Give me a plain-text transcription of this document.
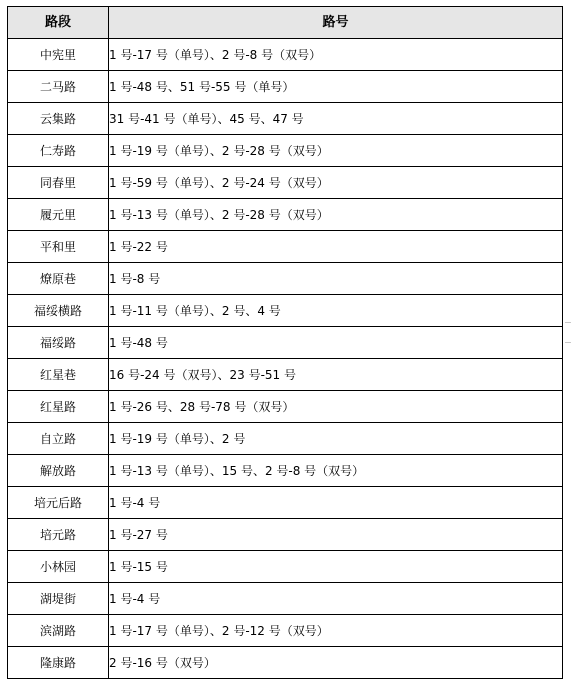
路段	路号
中宪里	1 号-17 号（单号）、2 号-8 号（双号）
二马路	1 号-48 号、51 号-55 号（单号）
云集路	31 号-41 号（单号）、45 号、47 号
仁寿路	1 号-19 号（单号）、2 号-28 号（双号）
同春里	1 号-59 号（单号）、2 号-24 号（双号）
履元里	1 号-13 号（单号）、2 号-28 号（双号）
平和里	1 号-22 号
燎原巷	1 号-8 号
福绥横路	1 号-11 号（单号）、2 号、4 号
福绥路	1 号-48 号
红星巷	16 号-24 号（双号）、23 号-51 号
红星路	1 号-26 号、28 号-78 号（双号）
自立路	1 号-19 号（单号）、2 号
解放路	1 号-13 号（单号）、15 号、2 号-8 号（双号）
培元后路	1 号-4 号
培元路	1 号-27 号
小林园	1 号-15 号
湖堤街	1 号-4 号
滨湖路	1 号-17 号（单号）、2 号-12 号（双号）
隆康路	2 号-16 号（双号）
